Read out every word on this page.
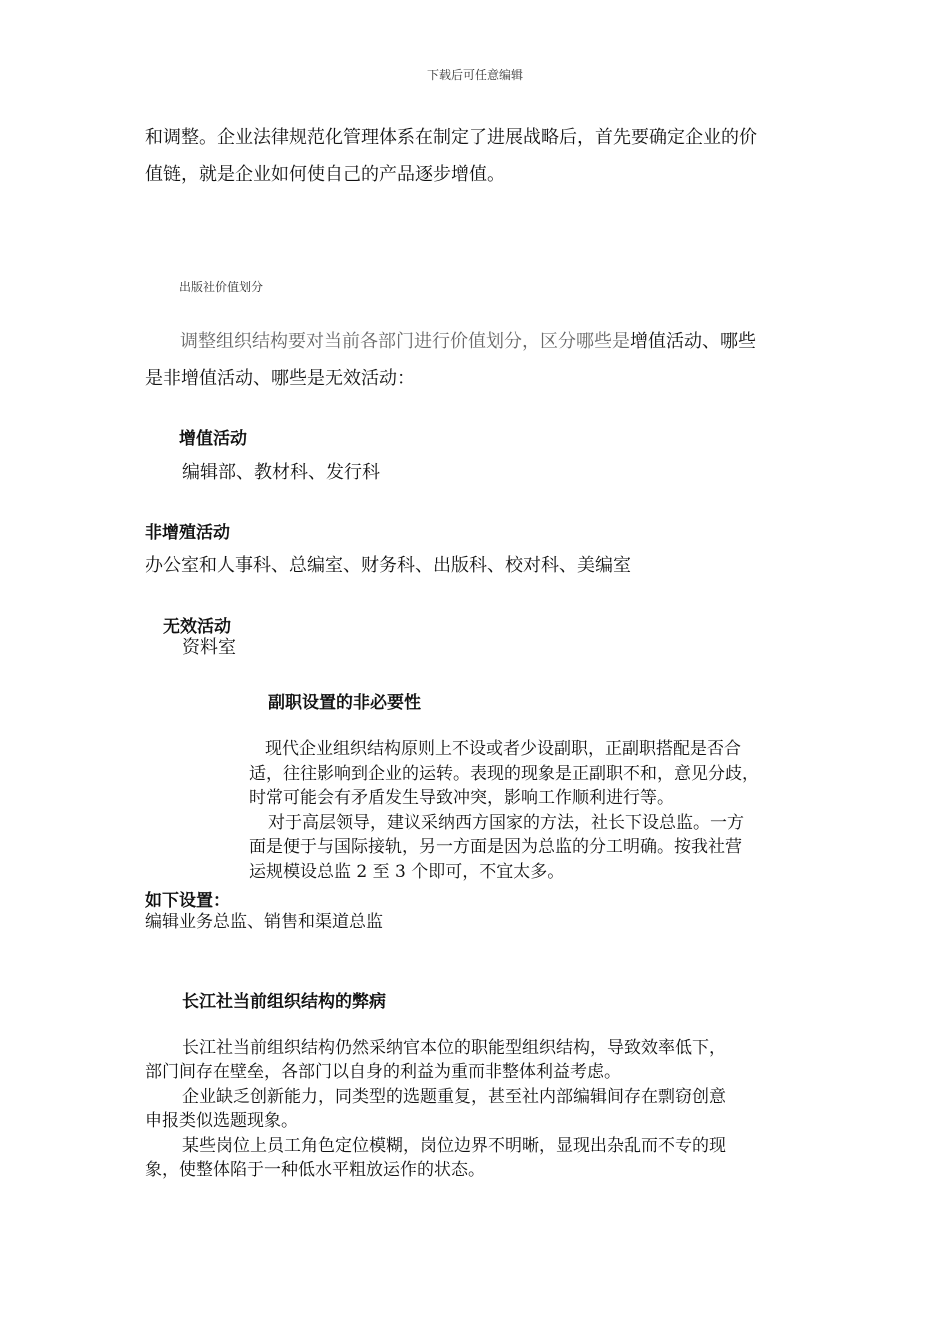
下载后可任意编辑

和调整。企业法律规范化管理体系在制定了进展战略后，首先要确定企业的价

值链，就是企业如何使自己的产品逐步增值。

出版社价值划分

调整组织结构要对当前各部门进行价值划分，区分哪些是增值活动、哪些

是非增值活动、哪些是无效活动：

增值活动

编辑部、教材科、发行科

非增殖活动

办公室和人事科、总编室、财务科、出版科、校对科、美编室

无效活动

资料室

副职设置的非必要性

现代企业组织结构原则上不设或者少设副职，正副职搭配是否合

适，往往影响到企业的运转。表现的现象是正副职不和，意见分歧，

时常可能会有矛盾发生导致冲突，影响工作顺利进行等。

对于高层领导，建议采纳西方国家的方法，社长下设总监。一方

面是便于与国际接轨，另一方面是因为总监的分工明确。按我社营

运规模设总监 2 至 3 个即可，不宜太多。

如下设置：

编辑业务总监、销售和渠道总监

长江社当前组织结构的弊病

长江社当前组织结构仍然采纳官本位的职能型组织结构，导致效率低下，

部门间存在壁垒，各部门以自身的利益为重而非整体利益考虑。

企业缺乏创新能力，同类型的选题重复，甚至社内部编辑间存在剽窃创意

申报类似选题现象。

某些岗位上员工角色定位模糊，岗位边界不明晰，显现出杂乱而不专的现

象，使整体陷于一种低水平粗放运作的状态。
